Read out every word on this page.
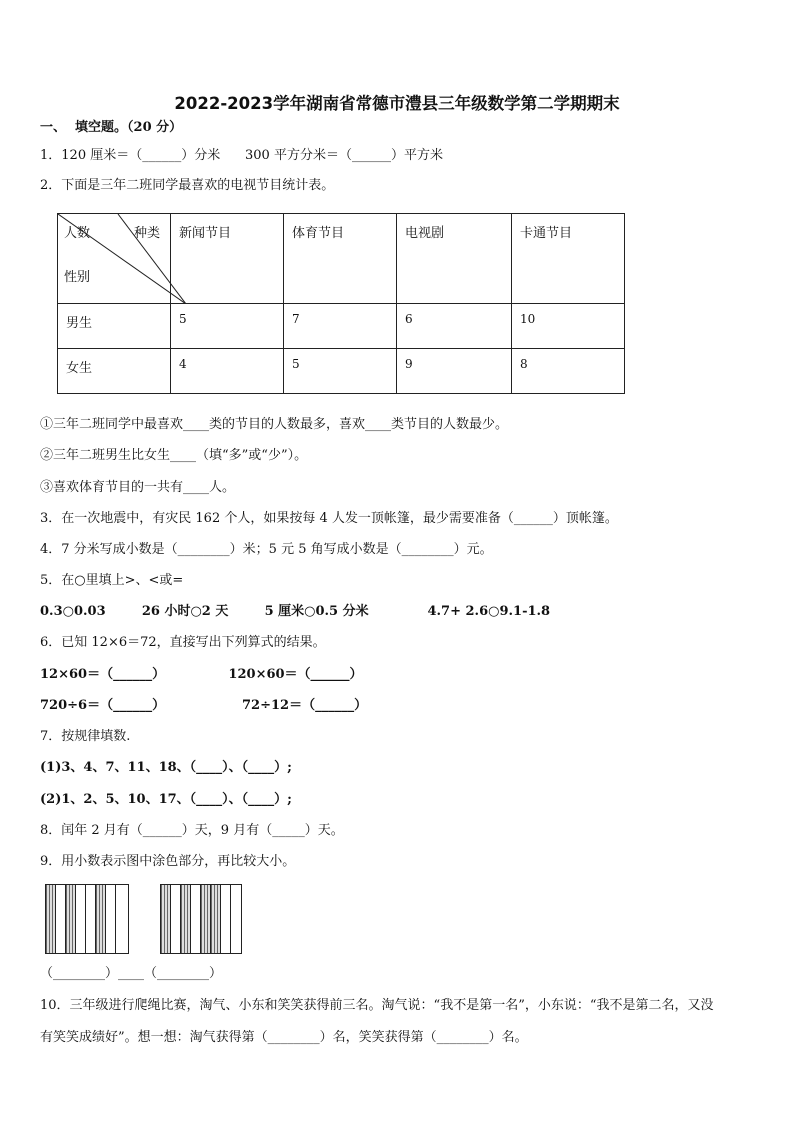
2022-2023学年湖南省常德市澧县三年级数学第二学期期末
一、  填空题。（20 分）
1．120 厘米＝（______）分米      300 平方分米＝（______）平方米
2．下面是三年二班同学最喜欢的电视节目统计表。
人数 种类
性别	新闻节目	体育节目	电视剧	卡通节目
男生	5	7	6	10
女生	4	5	9	8
①三年二班同学中最喜欢____类的节目的人数最多，喜欢____类节目的人数最少。
②三年二班男生比女生____（填“多”或“少”）。
③喜欢体育节目的一共有____人。
3．在一次地震中，有灾民 162 个人，如果按每 4 人发一顶帐篷，最少需要准备（______）顶帐篷。
4．7 分米写成小数是（________）米；5 元 5 角写成小数是（________）元。
5．在○里填上>、<或=
0.3○0.03        26 小时○2 天        5 厘米○0.5 分米             4.7+ 2.6○9.1-1.8
6．已知 12×6＝72，直接写出下列算式的结果。
12×60＝（______）              120×60＝（______）
720÷6＝（______）                 72÷12＝（______）
7．按规律填数.
(1)3、4、7、11、18、（____）、（____）;
(2)1、2、5、10、17、（____）、（____）;
8．闰年 2 月有（______）天，9 月有（_____）天。
9．用小数表示图中涂色部分，再比较大小。
（________）____（________）
10．三年级进行爬绳比赛，淘气、小东和笑笑获得前三名。淘气说：“我不是第一名”，小东说：“我不是第二名，又没
有笑笑成绩好”。想一想：淘气获得第（________）名，笑笑获得第（________）名。
